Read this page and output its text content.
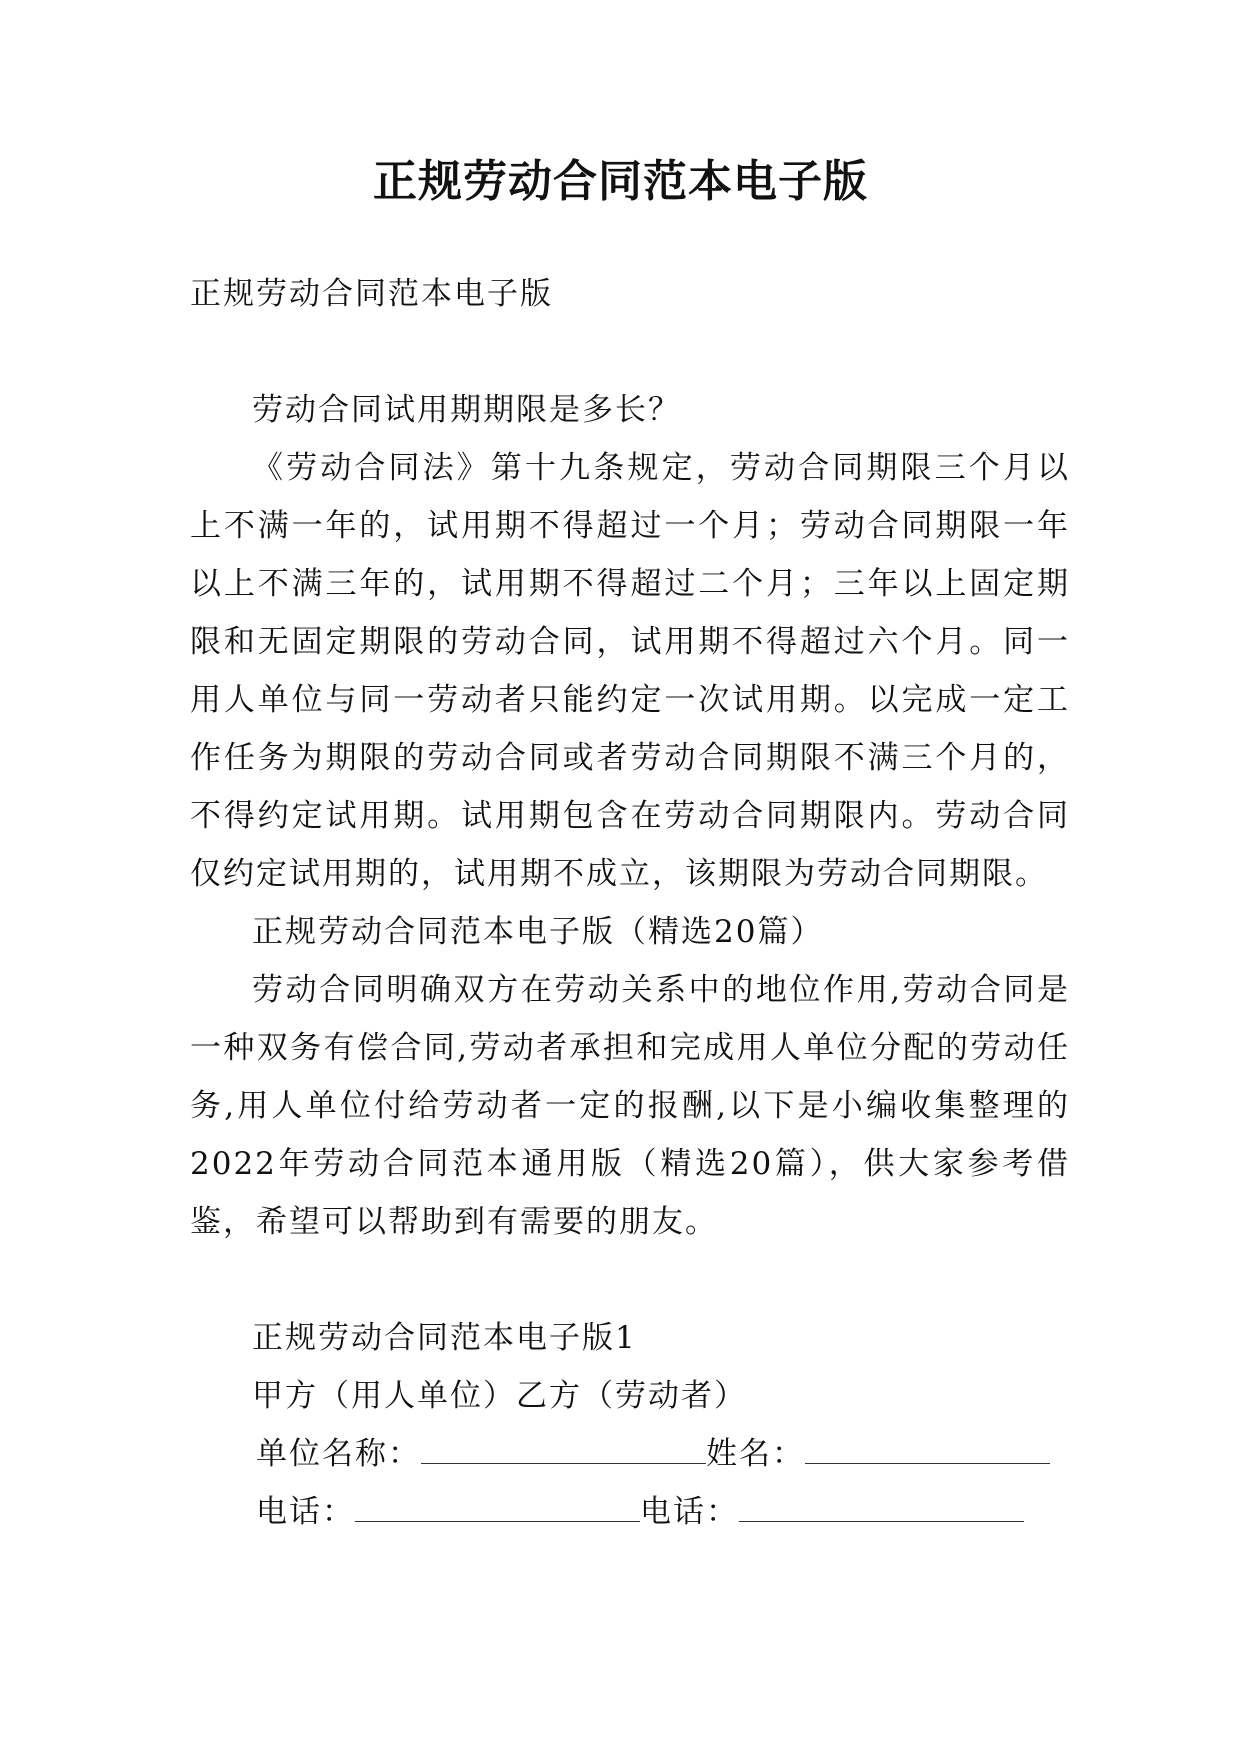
正规劳动合同范本电子版

正规劳动合同范本电子版

劳动合同试用期期限是多长？

《劳动合同法》第十九条规定，劳动合同期限三个月以上不满一年的，试用期不得超过一个月；劳动合同期限一年以上不满三年的，试用期不得超过二个月；三年以上固定期限和无固定期限的劳动合同，试用期不得超过六个月。同一用人单位与同一劳动者只能约定一次试用期。以完成一定工作任务为期限的劳动合同或者劳动合同期限不满三个月的，不得约定试用期。试用期包含在劳动合同期限内。劳动合同仅约定试用期的，试用期不成立，该期限为劳动合同期限。

正规劳动合同范本电子版（精选20篇）

劳动合同明确双方在劳动关系中的地位作用,劳动合同是一种双务有偿合同,劳动者承担和完成用人单位分配的劳动任务,用人单位付给劳动者一定的报酬,以下是小编收集整理的2022年劳动合同范本通用版（精选20篇），供大家参考借鉴，希望可以帮助到有需要的朋友。

正规劳动合同范本电子版1

甲方（用人单位）乙方（劳动者）

单位名称：	姓名：

电话：	电话：
